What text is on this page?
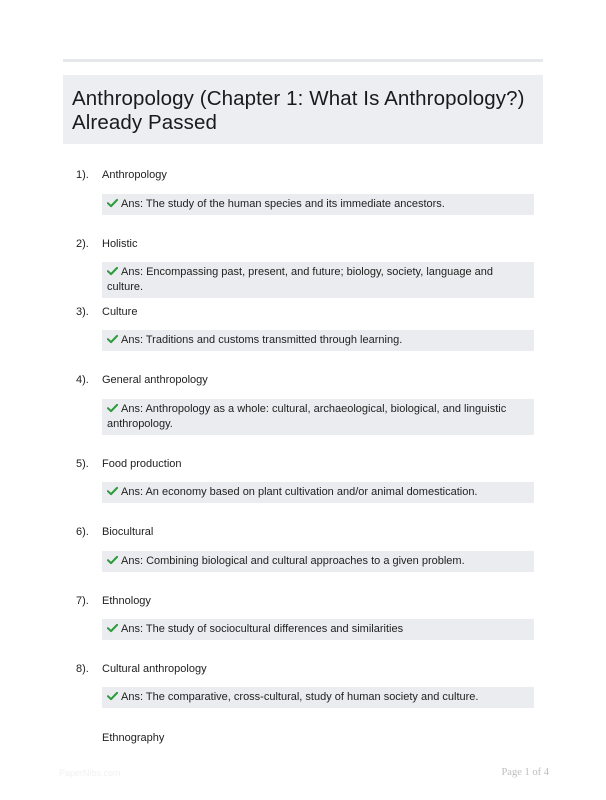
Anthropology (Chapter 1: What Is Anthropology?) Already Passed
1). Anthropology
Ans: The study of the human species and its immediate ancestors.
2). Holistic
Ans: Encompassing past, present, and future; biology, society, language and culture.
3). Culture
Ans: Traditions and customs transmitted through learning.
4). General anthropology
Ans: Anthropology as a whole: cultural, archaeological, biological, and linguistic anthropology.
5). Food production
Ans: An economy based on plant cultivation and/or animal domestication.
6). Biocultural
Ans: Combining biological and cultural approaches to a given problem.
7). Ethnology
Ans: The study of sociocultural differences and similarities
8). Cultural anthropology
Ans: The comparative, cross-cultural, study of human society and culture.
Ethnography
PaperNibs.com	Page 1 of 4
